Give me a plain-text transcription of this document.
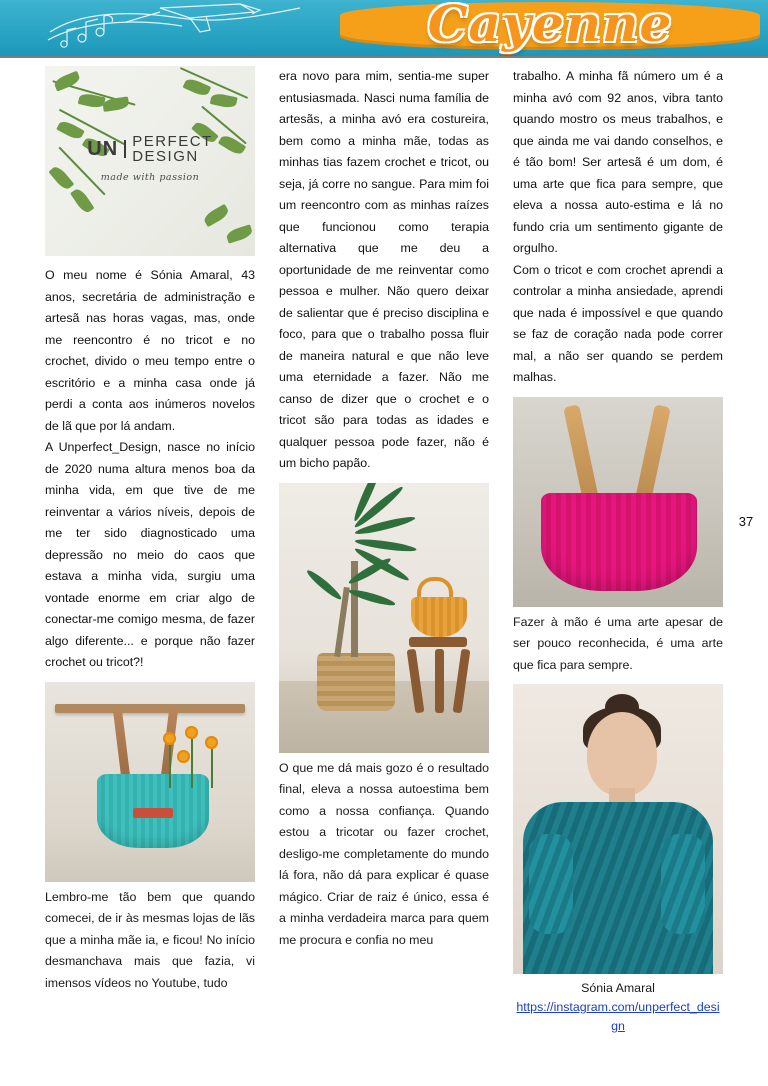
Cayenne
UN PERFECT
DESIGN
made with passion

O meu nome é Sónia Amaral, 43 anos, secretária de administração e artesã nas horas vagas, mas, onde me reencontro é no tricot e no crochet, divido o meu tempo entre o escritório e a minha casa onde já perdi a conta aos inúmeros novelos de lã que por lá andam.

A Unperfect_Design, nasce no início de 2020 numa altura menos boa da minha vida, em que tive de me reinventar a vários níveis, depois de me ter sido diagnosticado uma depressão no meio do caos que estava a minha vida, surgiu uma vontade enorme em criar algo de conectar-me comigo mesma, de fazer algo diferente... e porque não fazer crochet ou tricot?!

Lembro-me tão bem que quando comecei, de ir às mesmas lojas de lãs que a minha mãe ia, e ficou! No início desmanchava mais que fazia, vi imensos vídeos no Youtube, tudo

era novo para mim, sentia-me super entusiasmada. Nasci numa família de artesãs, a minha avó era costureira, bem como a minha mãe, todas as minhas tias fazem crochet e tricot, ou seja, já corre no sangue. Para mim foi um reencontro com as minhas raízes que funcionou como terapia alternativa que me deu a oportunidade de me reinventar como pessoa e mulher. Não quero deixar de salientar que é preciso disciplina e foco, para que o trabalho possa fluir de maneira natural e que não leve uma eternidade a fazer. Não me canso de dizer que o crochet e o tricot são para todas as idades e qualquer pessoa pode fazer, não é um bicho papão.

O que me dá mais gozo é o resultado final, eleva a nossa autoestima bem como a nossa confiança. Quando estou a tricotar ou fazer crochet, desligo-me completamente do mundo lá fora, não dá para explicar é quase mágico. Criar de raiz é único, essa é a minha verdadeira marca para quem me procura e confia no meu

trabalho. A minha fã número um é a minha avó com 92 anos, vibra tanto quando mostro os meus trabalhos, e que ainda me vai dando conselhos, e é tão bom! Ser artesã é um dom, é uma arte que fica para sempre, que eleva a nossa auto-estima e lá no fundo cria um sentimento gigante de orgulho.

Com o tricot e com crochet aprendi a controlar a minha ansiedade, aprendi que nada é impossível e que quando se faz de coração nada pode correr mal, a não ser quando se perdem malhas.

Fazer à mão é uma arte apesar de ser pouco reconhecida, é uma arte que fica para sempre.

Sónia Amaral
https://instagram.com/unperfect_design
37
